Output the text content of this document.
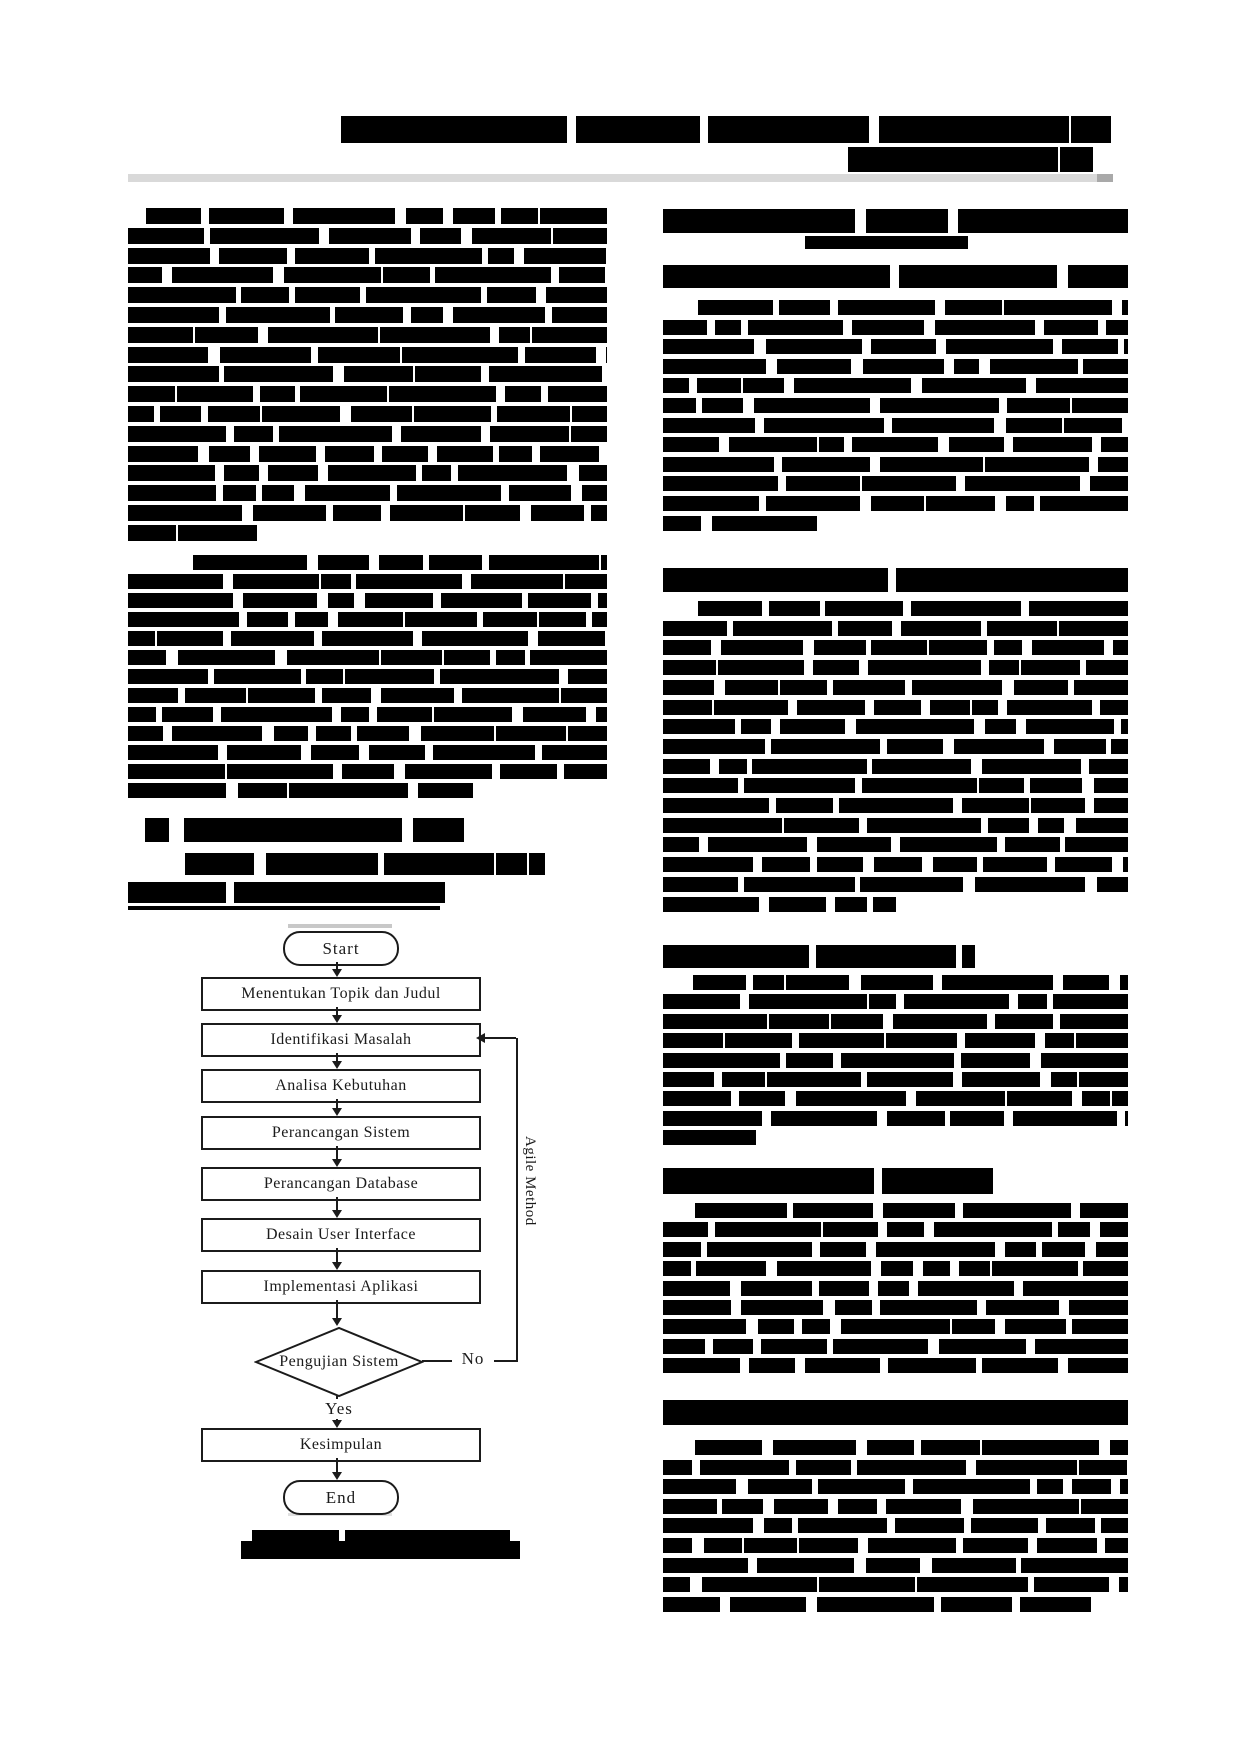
Start
Menentukan Topik dan Judul
Identifikasi Masalah
Analisa Kebutuhan
Perancangan Sistem
Perancangan Database
Desain User Interface
Implementasi Aplikasi
Pengujian Sistem	No
Agile Method
Yes
Kesimpulan
End
